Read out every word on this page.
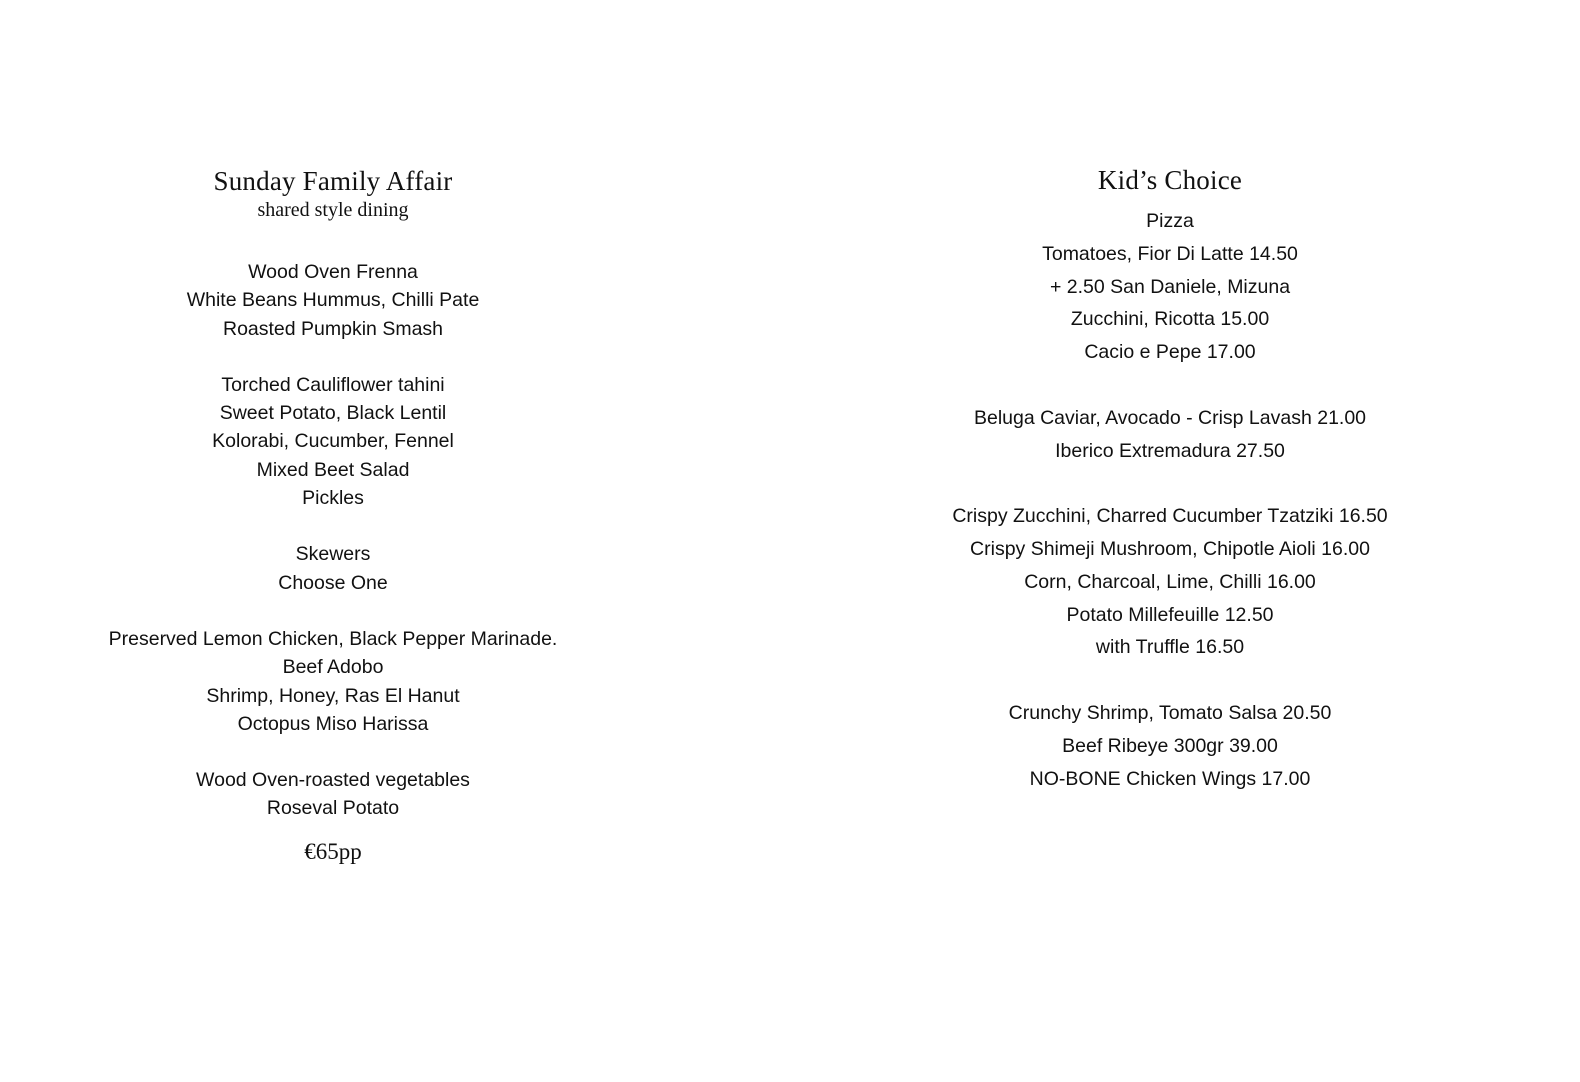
Sunday Family Affair
shared style dining
Wood Oven Frenna
White Beans Hummus, Chilli Pate
Roasted Pumpkin Smash
Torched Cauliflower tahini
Sweet Potato, Black Lentil
Kolorabi, Cucumber, Fennel
Mixed Beet Salad
Pickles
Skewers
Choose One
Preserved Lemon Chicken, Black Pepper Marinade.
Beef Adobo
Shrimp, Honey, Ras El Hanut
Octopus Miso Harissa
Wood Oven-roasted vegetables
Roseval Potato
€65pp
Kid’s Choice
Pizza
Tomatoes, Fior Di Latte 14.50
+ 2.50 San Daniele, Mizuna
Zucchini, Ricotta 15.00
Cacio e Pepe 17.00
Beluga Caviar, Avocado - Crisp Lavash 21.00
Iberico Extremadura 27.50
Crispy Zucchini, Charred Cucumber Tzatziki 16.50
Crispy Shimeji Mushroom, Chipotle Aioli 16.00
Corn, Charcoal, Lime, Chilli 16.00
Potato Millefeuille 12.50
with Truffle 16.50
Crunchy Shrimp, Tomato Salsa 20.50
Beef Ribeye 300gr 39.00
NO-BONE Chicken Wings 17.00
